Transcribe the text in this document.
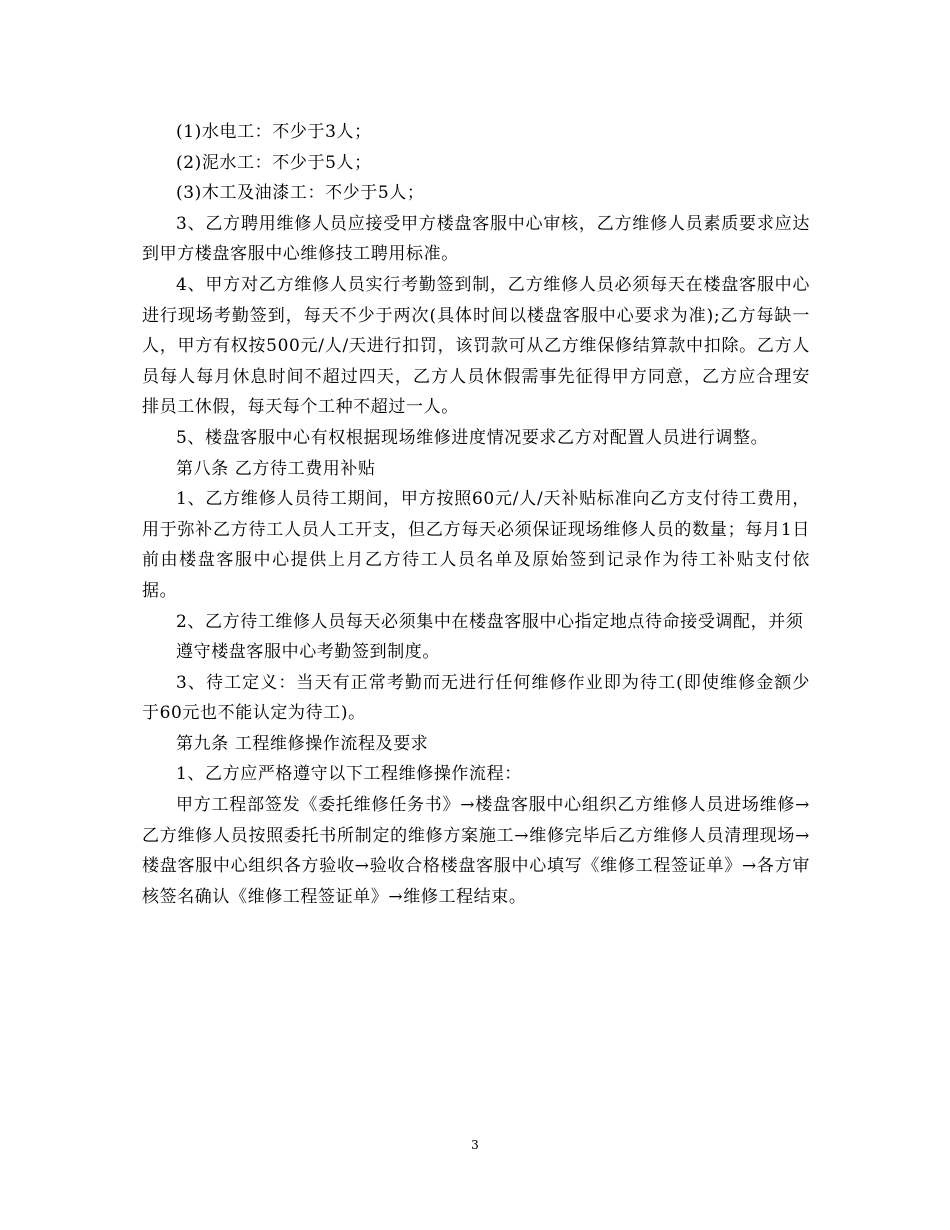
(1)水电工：不少于3人；

(2)泥水工：不少于5人；

(3)木工及油漆工：不少于5人；

3、乙方聘用维修人员应接受甲方楼盘客服中心审核，乙方维修人员素质要求应达到甲方楼盘客服中心维修技工聘用标准。

4、甲方对乙方维修人员实行考勤签到制，乙方维修人员必须每天在楼盘客服中心进行现场考勤签到，每天不少于两次(具体时间以楼盘客服中心要求为准);乙方每缺一人，甲方有权按500元/人/天进行扣罚，该罚款可从乙方维保修结算款中扣除。乙方人员每人每月休息时间不超过四天，乙方人员休假需事先征得甲方同意，乙方应合理安排员工休假，每天每个工种不超过一人。

5、楼盘客服中心有权根据现场维修进度情况要求乙方对配置人员进行调整。

第八条 乙方待工费用补贴

1、乙方维修人员待工期间，甲方按照60元/人/天补贴标准向乙方支付待工费用，用于弥补乙方待工人员人工开支，但乙方每天必须保证现场维修人员的数量；每月1日前由楼盘客服中心提供上月乙方待工人员名单及原始签到记录作为待工补贴支付依据。

2、乙方待工维修人员每天必须集中在楼盘客服中心指定地点待命接受调配，并须

遵守楼盘客服中心考勤签到制度。

3、待工定义：当天有正常考勤而无进行任何维修作业即为待工(即使维修金额少于60元也不能认定为待工)。

第九条 工程维修操作流程及要求

1、乙方应严格遵守以下工程维修操作流程：

甲方工程部签发《委托维修任务书》→楼盘客服中心组织乙方维修人员进场维修→乙方维修人员按照委托书所制定的维修方案施工→维修完毕后乙方维修人员清理现场→楼盘客服中心组织各方验收→验收合格楼盘客服中心填写《维修工程签证单》→各方审核签名确认《维修工程签证单》→维修工程结束。

3
